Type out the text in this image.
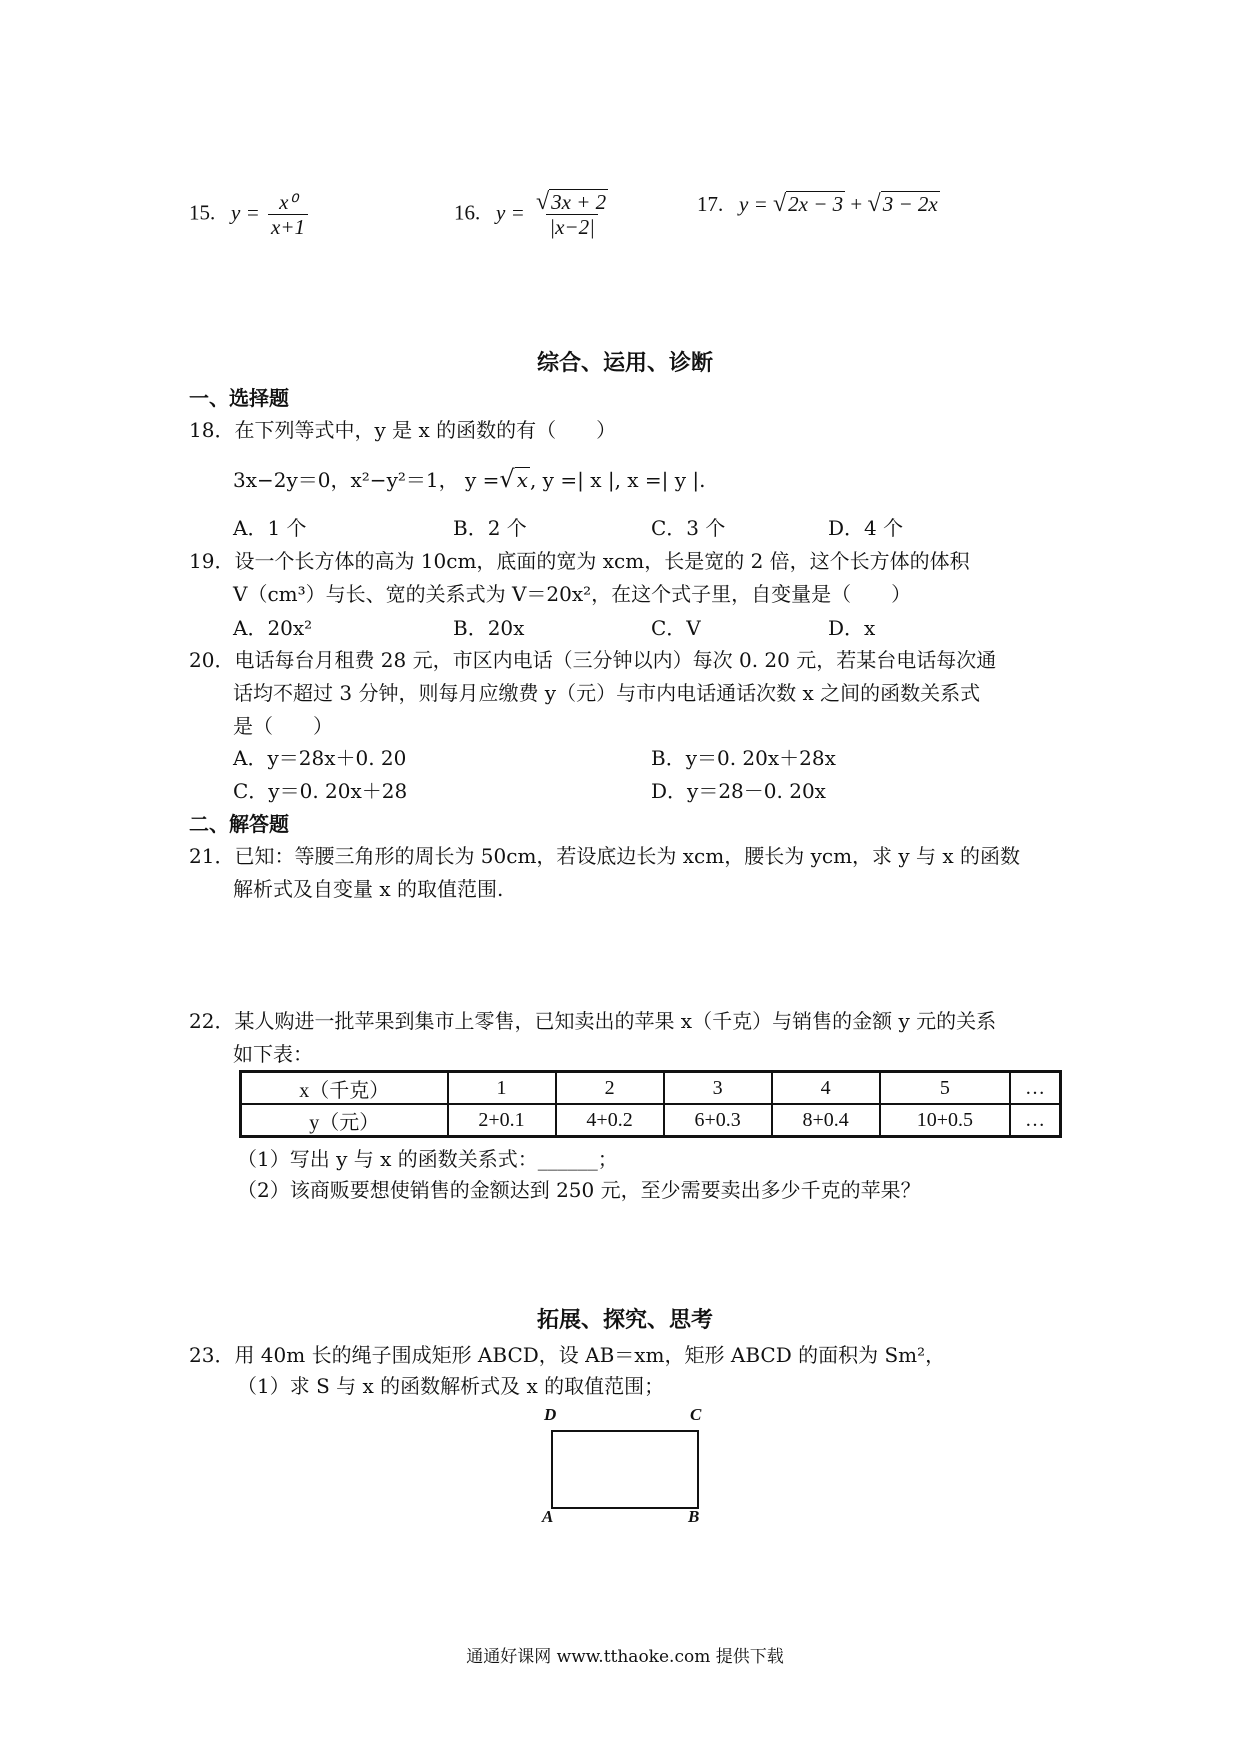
15. $y = \frac{\text{x⁰}}{x+1}$	16. $y = \frac{√3x + 2}{|x-2|}$	17. y = √2x − 3 + √3 − 2x
综合、运用、诊断
一、选择题
18．在下列等式中，y 是 x 的函数的有（　　）
3x−2y＝0，x²−y²＝1， y =√ x , y =| x |, x =| y |.
A．1 个	B．2 个	C．3 个	D．4 个
19．设一个长方体的高为 10cm，底面的宽为 xcm，长是宽的 2 倍，这个长方体的体积
V（cm³）与长、宽的关系式为 V＝20x²，在这个式子里，自变量是（　　）
A．20x²	B．20x	C．V	D．x
20．电话每台月租费 28 元，市区内电话（三分钟以内）每次 0. 20 元，若某台电话每次通
话均不超过 3 分钟，则每月应缴费 y（元）与市内电话通话次数 x 之间的函数关系式
是（　　）
A．y＝28x＋0. 20	B．y＝0. 20x＋28x
C．y＝0. 20x＋28	D．y＝28－0. 20x
二、解答题
21．已知：等腰三角形的周长为 50cm，若设底边长为 xcm，腰长为 ycm，求 y 与 x 的函数
解析式及自变量 x 的取值范围.
22．某人购进一批苹果到集市上零售，已知卖出的苹果 x（千克）与销售的金额 y 元的关系
如下表：
x（千克）	1	2	3	4	5	…
y（元）	2+0.1	4+0.2	6+0.3	8+0.4	10+0.5	…
（1）写出 y 与 x 的函数关系式：______；
（2）该商贩要想使销售的金额达到 250 元，至少需要卖出多少千克的苹果？
拓展、探究、思考
23．用 40m 长的绳子围成矩形 ABCD，设 AB＝xm，矩形 ABCD 的面积为 Sm²，
（1）求 S 与 x 的函数解析式及 x 的取值范围；
D	C
A	B
通通好课网 www.tthaoke.com 提供下载
